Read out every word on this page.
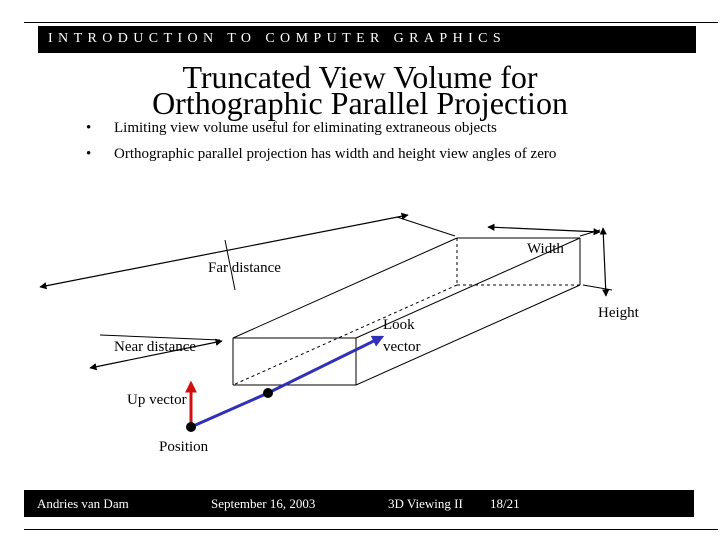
INTRODUCTION TO COMPUTER GRAPHICS
Truncated View Volume for
Orthographic Parallel Projection
• Limiting view volume useful for eliminating extraneous objects
• Orthographic parallel projection has width and height view angles of zero
Width
Far distance
Height
Look
vector
Near distance
Up vector
Position
Andries van Dam	September 16, 2003	3D Viewing II 18/21
